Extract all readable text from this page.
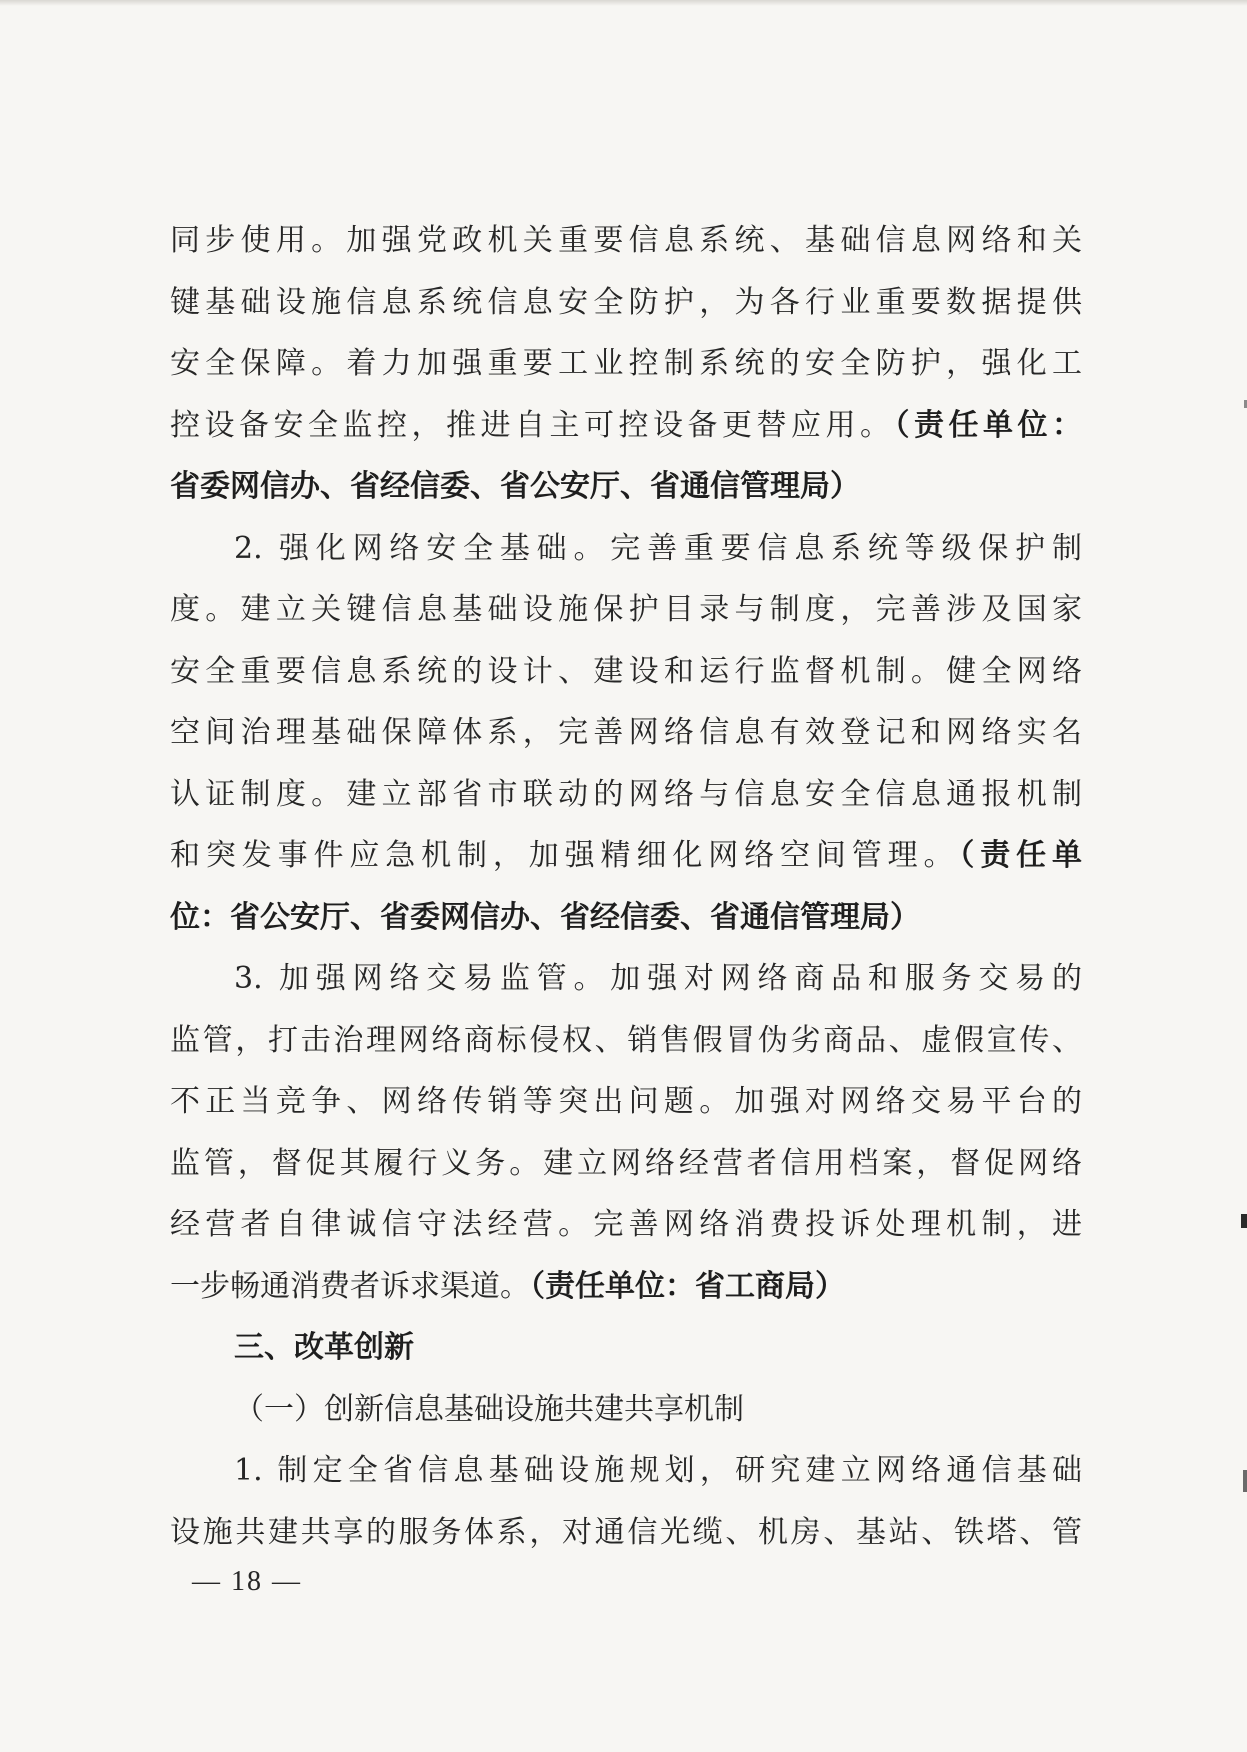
同步使用。加强党政机关重要信息系统、基础信息网络和关
键基础设施信息系统信息安全防护，为各行业重要数据提供
安全保障。着力加强重要工业控制系统的安全防护，强化工
控设备安全监控，推进自主可控设备更替应用。（责任单位：
省委网信办、省经信委、省公安厅、省通信管理局）
2. 强化网络安全基础。完善重要信息系统等级保护制
度。建立关键信息基础设施保护目录与制度，完善涉及国家
安全重要信息系统的设计、建设和运行监督机制。健全网络
空间治理基础保障体系，完善网络信息有效登记和网络实名
认证制度。建立部省市联动的网络与信息安全信息通报机制
和突发事件应急机制，加强精细化网络空间管理。（责任单
位：省公安厅、省委网信办、省经信委、省通信管理局）
3. 加强网络交易监管。加强对网络商品和服务交易的
监管，打击治理网络商标侵权、销售假冒伪劣商品、虚假宣传、
不正当竞争、网络传销等突出问题。加强对网络交易平台的
监管，督促其履行义务。建立网络经营者信用档案，督促网络
经营者自律诚信守法经营。完善网络消费投诉处理机制，进
一步畅通消费者诉求渠道。（责任单位：省工商局）
三、改革创新
（一）创新信息基础设施共建共享机制
1. 制定全省信息基础设施规划，研究建立网络通信基础
设施共建共享的服务体系，对通信光缆、机房、基站、铁塔、管
— 18 —
